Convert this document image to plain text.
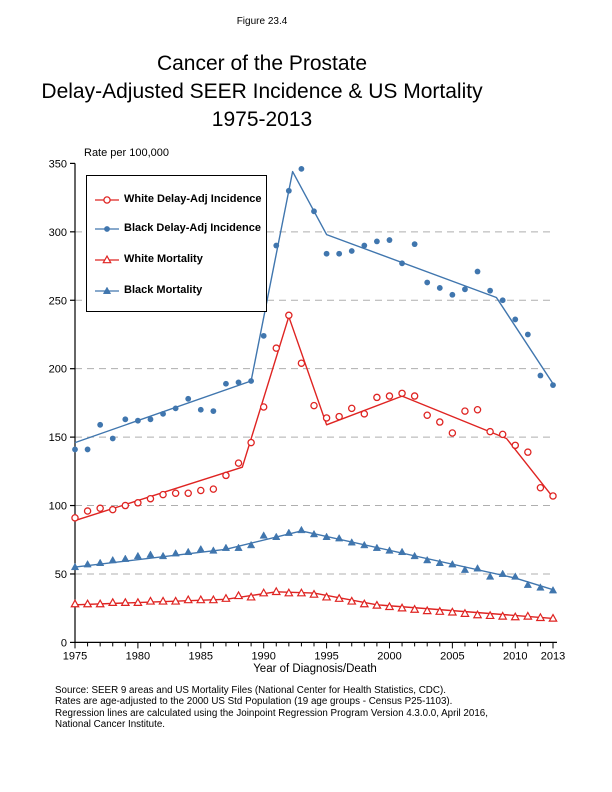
Figure 23.4
Cancer of the Prostate
Delay-Adjusted SEER Incidence & US Mortality
1975-2013
Rate per 100,000
0
50
100
150
200
250
300
350
1975	1980	1985	1990	1995	2000	2005	2010 2013
White Delay-Adj Incidence
Black Delay-Adj Incidence
White Mortality
Black Mortality
Year of Diagnosis/Death
Source: SEER 9 areas and US Mortality Files (National Center for Health Statistics, CDC).
Rates are age-adjusted to the 2000 US Std Population (19 age groups - Census P25-1103).
Regression lines are calculated using the Joinpoint Regression Program Version 4.3.0.0, April 2016,
National Cancer Institute.
